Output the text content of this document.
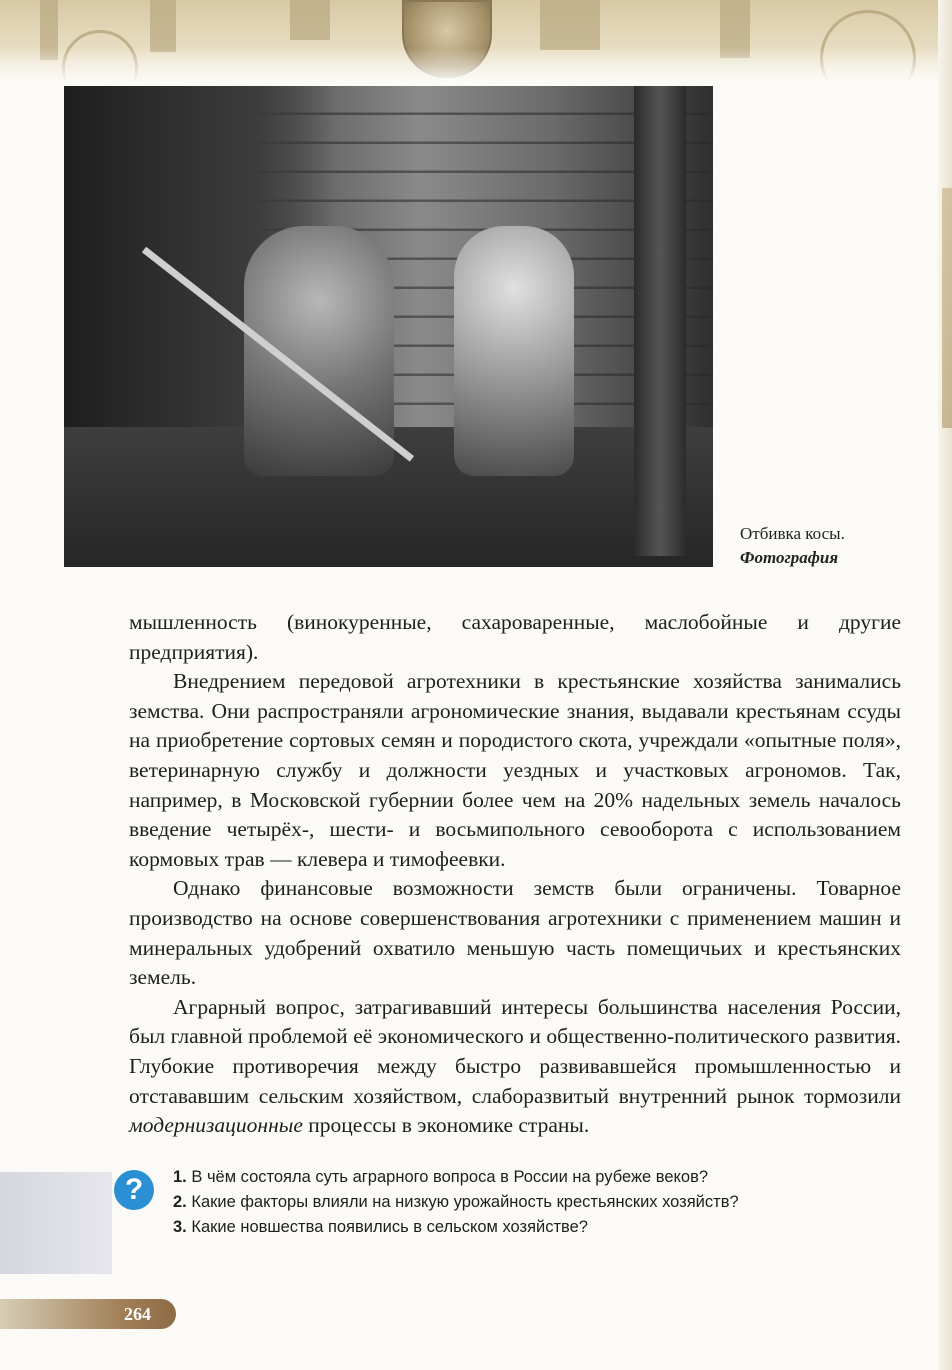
Отбивка косы.
Фотография

мышленность (винокуренные, сахароваренные, маслобойные и другие предприятия).

Внедрением передовой агротехники в крестьянские хозяйства занимались земства. Они распространяли агрономические знания, выдавали крестьянам ссуды на приобретение сортовых семян и породистого скота, учреждали «опытные поля», ветеринарную службу и должности уездных и участковых агрономов. Так, например, в Московской губернии более чем на 20% надельных земель началось введение четырёх-, шести- и восьмипольного севооборота с использованием кормовых трав — клевера и тимофеевки.

Однако финансовые возможности земств были ограничены. Товарное производство на основе совершенствования агротехники с применением машин и минеральных удобрений охватило меньшую часть помещичьих и крестьянских земель.

Аграрный вопрос, затрагивавший интересы большинства населения России, был главной проблемой её экономического и общественно-политического развития. Глубокие противоречия между быстро развивавшейся промышленностью и отстававшим сельским хозяйством, слаборазвитый внутренний рынок тормозили модернизационные процессы в экономике страны.

?	1. В чём состояла суть аграрного вопроса в России на рубеже веков?

2. Какие факторы влияли на низкую урожайность крестьянских хозяйств?

3. Какие новшества появились в сельском хозяйстве?

264
